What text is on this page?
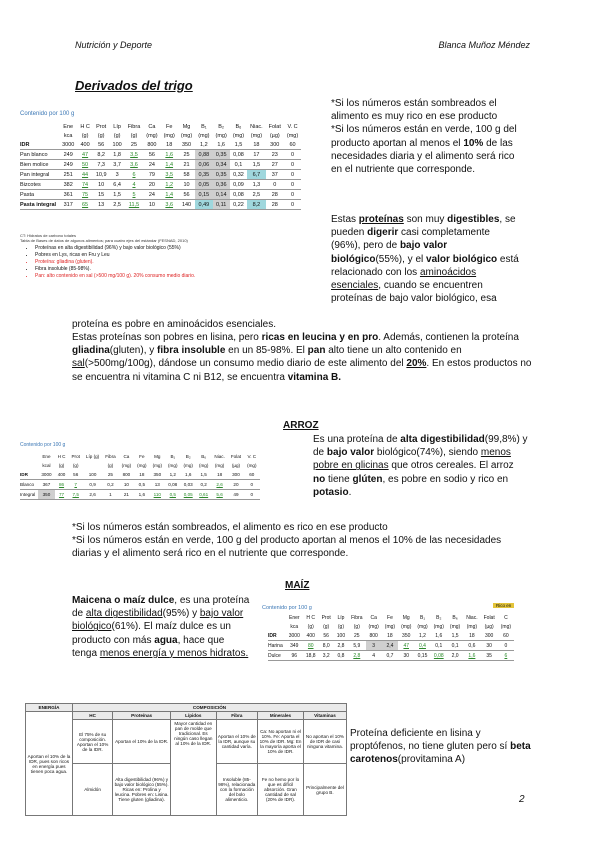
Nutrición y Deporte	Blanca Muñoz Méndez
Derivados del trigo
Contenido por 100 g
	Ene	H C	Prot	Líp	Fibra	Ca	Fe	Mg	B₁	B₂	B₆	Niac.	Folat	V. C
	kca	(g)	(g)	(g)	(g)	(mg)	(mg)	(mg)	(mg)	(mg)	(mg)	(mg)	(µg)	(mg)
IDR	3000	400	56	100	25	800	18	350	1,2	1,6	1,5	18	300	60
Pan blanco	249	47	8,2	1,8	3,5	56	1,6	25	0,88	0,35	0,08	17	23	0
Bien molice	249	50	7,3	3,7	3,6	24	1,4	21	0,06	0,34	0,1	1,5	27	0
Pan integral	251	44	10,9	3	6	79	3,5	58	0,35	0,35	0,32	6,7	37	0
Bizcotes	382	74	10	6,4	4	20	1,2	10	0,05	0,36	0,09	1,3	0	0
Pasta	361	75	15	1,5	5	24	1,4	56	0,15	0,14	0,08	2,5	28	0
Pasta integral	317	65	13	2,5	11,5	10	3,6	140	0,49	0,11	0,22	8,2	28	0
CT: Hidratos de carbono totales
Tabla de Bases de datos de algunos alimentos; para cuatro ejes del estándar (FESNAD, 2010)
• Proteínas en alta digestibilidad (96%) y bajo valor biológico (55%)
• Pobres en Lys, ricas en Fru y Leu
• Proteína: gliadina (gluten).
• Fibra insoluble (85-98%).
• Pan: alto contenido en sal (>500 mg/100 g). 20% consumo medio diario.
*Si los números están sombreados el alimento es muy rico en ese producto
*Si los números están en verde, 100 g del producto aportan al menos el 10% de las necesidades diaria y el alimento será rico en el nutriente que corresponde.
Estas proteínas son muy digestibles, se pueden digerir casi completamente (96%), pero de bajo valor biológico(55%), y el valor biológico está relacionado con los aminoácidos esenciales, cuando se encuentren proteínas de bajo valor biológico, esa
proteína es pobre en aminoácidos esenciales.
Estas proteínas son pobres en lisina, pero ricas en leucina y en pro. Además, contienen la proteína gliadina(gluten), y fibra insoluble en un 85-98%. El pan alto tiene un alto contenido en sal(>500mg/100g), dándose un consumo medio diario de este alimento del 20%. En estos productos no se encuentra ni vitamina C ni B12, se encuentra vitamina B.
ARROZ
Contenido por 100 g
	Ene	H C	Prot	Líp (g)	Fibra	Ca	Fe	Mg	B₁	B₂	B₆	Niac.	Folat	V. C
	kcal	(g)	(g)		(g)	(mg)	(mg)	(mg)	(mg)	(mg)	(mg)	(mg)	(µg)	(mg)
IDR	3000	400	56	100	25	800	18	350	1,2	1,6	1,5	18	300	60
Blanco	367	86	7	0,9	0,2	10	0,5	13	0,08	0,03	0,2	2,6	20	0
Integral	350	77	7,5	2,6	1	21	1,6	110	0,5	0,05	0,61	5,6	49	0
Es una proteína de alta digestibilidad(99,8%) y de bajo valor biológico(74%), siendo menos pobre en glicinas que otros cereales. El arroz no tiene glúten, es pobre en sodio y rico en potasio.
*Si los números están sombreados, el alimento es rico en ese producto
*Si los números están en verde, 100 g del producto aportan al menos el 10% de las necesidades diarias y el alimento será rico en el nutriente que corresponde.
MAÍZ
Maicena o maíz dulce, es una proteína de alta digestibilidad(95%) y bajo valor biológico(61%). El maíz dulce es un producto con más agua, hace que tenga menos energía y menos hidratos.
Contenido por 100 g	Rico en
	Ener	H C	Prot	Líp	Fibra	Ca	Fe	Mg	B₁	B₂	B₆	Niac.	Folat	C
	kca	(g)	(g)	(g)	(g)	(mg)	(mg)	(mg)	(mg)	(mg)	(mg)	(mg)	(µg)	(mg)
IDR	3000	400	56	100	25	800	18	350	1,2	1,6	1,5	18	300	60
Harina	349	80	8,0	2,8	5,9	3	2,4	47	0,4	0,1	0,1	0,6	30	0
Dulce	96	18,8	3,2	0,8	2,8	4	0,7	30	0,15	0,08	2,0	1,6	35	6
ENERGÍA	COMPOSICIÓN					
Aportan el 10% de la IDR, pues son ricos en energía pues tienen poca agua.	HC	Proteínas	Lípidos	Fibra	Minerales	Vitaminas
	El 75% de su composición. Aportan el 10% de la IDR.	Aportan el 10% de la IDR.	Mayor cantidad en pan de molde que tradicional. Es ningún caso llegan al 10% de la IDR.	Aportan el 10% de la IDR, aunque su cantidad varía.	Ca: No aportan ni el 10%. Fe: Aporta el 10% de IDR. Mg: En la mayoría aporta el 10% de IDR.	No aportan el 10% de IDR de casi ninguna vitamina.
	Almidón	Alta digestibilidad (96%) y bajo valor biológico (55%). Ricas en: Prolina y leucina. Pobres en: Lisina. Tiene gluten (gliadina).		Insoluble (85-98%), relacionada con la formación del bolo alimenticio.	Fe no hemo por lo que es difícil absorción. Gran cantidad de sal (20% de IDR).	Principalmente del grupo B.
Proteína deficiente en lisina y proptófenos, no tiene gluten pero sí beta carotenos(provitamina A)
2
